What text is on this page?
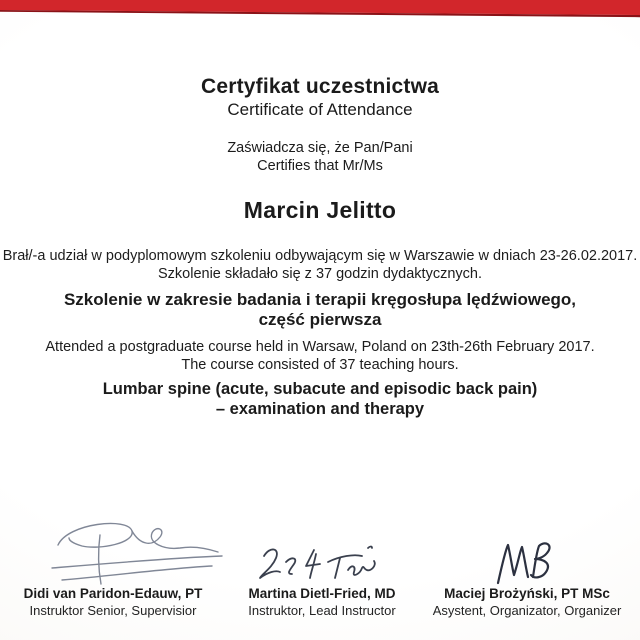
Certyfikat uczestnictwa
Certificate of Attendance
Zaświadcza się, że Pan/Pani
Certifies that Mr/Ms
Marcin Jelitto
Brał/-a udział w podyplomowym szkoleniu odbywającym się w Warszawie w dniach 23-26.02.2017.
Szkolenie składało się z 37 godzin dydaktycznych.
Szkolenie w zakresie badania i terapii kręgosłupa lędźwiowego,
część pierwsza
Attended a postgraduate course held in Warsaw, Poland on 23th-26th February 2017.
The course consisted of 37 teaching hours.
Lumbar spine (acute, subacute and episodic back pain)
– examination and therapy
Didi van Paridon-Edauw, PT
Instruktor Senior, Supervisior
Martina Dietl-Fried, MD
Instruktor, Lead Instructor
Maciej Brożyński, PT MSc
Asystent, Organizator, Organizer
